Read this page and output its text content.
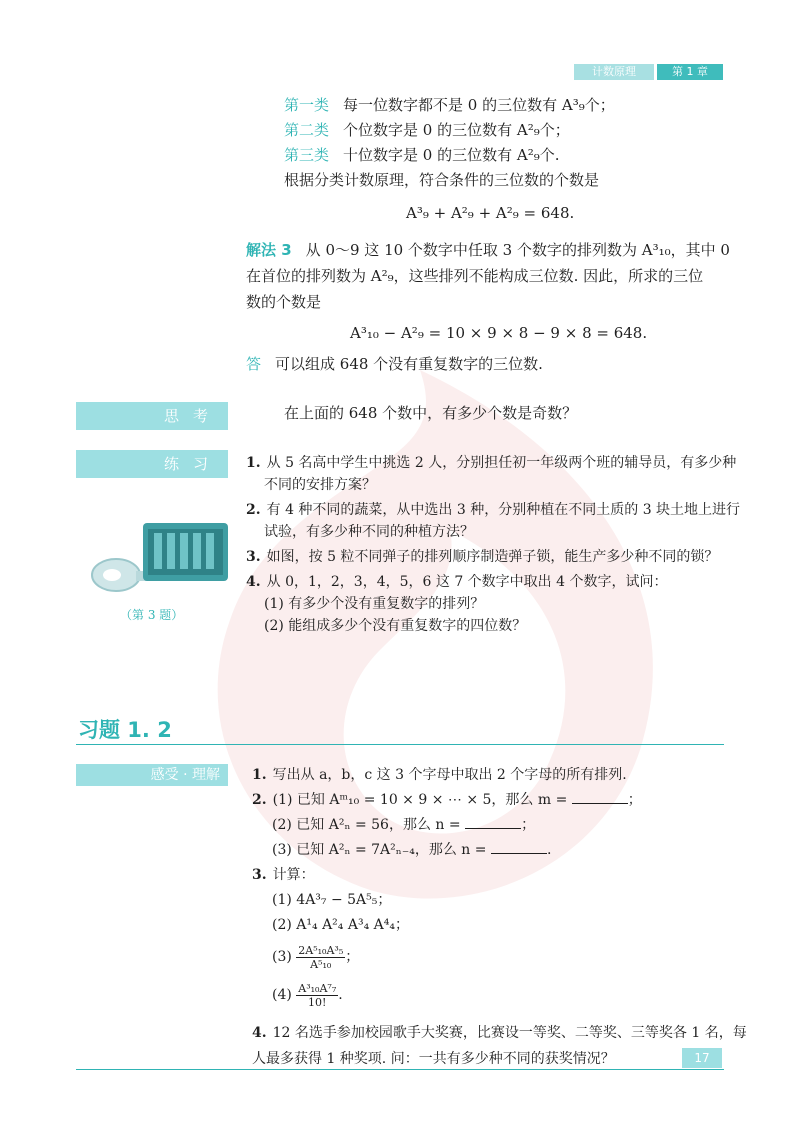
计数原理	第 1 章
第一类 每一位数字都不是 0 的三位数有 A³₉个；
第二类 个位数字是 0 的三位数有 A²₉个；
第三类 十位数字是 0 的三位数有 A²₉个.
根据分类计数原理，符合条件的三位数的个数是
A³₉ + A²₉ + A²₉ = 648.
解法 3 从 0～9 这 10 个数字中任取 3 个数字的排列数为 A³₁₀，其中 0
在首位的排列数为 A²₉，这些排列不能构成三位数. 因此，所求的三位
数的个数是
A³₁₀ − A²₉ = 10 × 9 × 8 − 9 × 8 = 648.
答 可以组成 648 个没有重复数字的三位数.
思考	在上面的 648 个数中，有多少个数是奇数？
练习
（第 3 题）
1. 从 5 名高中学生中挑选 2 人，分别担任初一年级两个班的辅导员，有多少种
不同的安排方案？
2. 有 4 种不同的蔬菜，从中选出 3 种，分别种植在不同土质的 3 块土地上进行
试验，有多少种不同的种植方法？
3. 如图，按 5 粒不同弹子的排列顺序制造弹子锁，能生产多少种不同的锁？
4. 从 0，1，2，3，4，5，6 这 7 个数字中取出 4 个数字，试问：
(1) 有多少个没有重复数字的排列？
(2) 能组成多少个没有重复数字的四位数？
习题 1. 2
感受 · 理解	1. 写出从 a，b，c 这 3 个字母中取出 2 个字母的所有排列.
2. (1) 已知 Aᵐ₁₀ = 10 × 9 × ⋯ × 5，那么 m =	；
(2) 已知 A²ₙ = 56，那么 n =	；
(3) 已知 A²ₙ = 7A²ₙ₋₄，那么 n =	.
3. 计算：
(1) 4A³₇ − 5A⁵₅；
(2) A¹₄ A²₄ A³₄ A⁴₄；
$(3) \frac{\text{2A⁵₁₀A³₅}}{\text{A⁵₁₀}}$ ；
$(4) \frac{\text{A³₁₀A⁷₇}}{10!}$ .
4. 12 名选手参加校园歌手大奖赛，比赛设一等奖、二等奖、三等奖各 1 名，每
人最多获得 1 种奖项. 问：一共有多少种不同的获奖情况？	17
